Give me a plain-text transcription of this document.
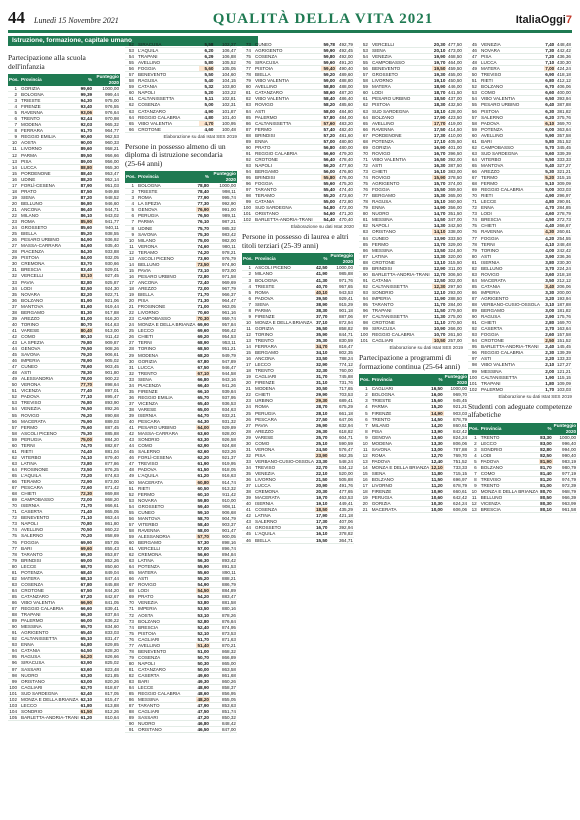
44	Lunedì 15 Novembre 2021	QUALITÀ DELLA VITA 2021	ItaliaOggi7
Istruzione, formazione, capitale umano
Partecipazione alla scuola dell'infanzia
Pos.	Provincia	%	Punteggio 2020
1	GORIZIA	99,60	1000,00
2	BOLOGNA	99,39	999,44
3	TRIESTE	94,30	975,00
4	FIRENZE	93,40	976,55
5	RAVENNA	93,06	976,64
6	TRENTO	92,44	970,98
7	MODENA	92,03	965,32
8	FERRARA	91,70	964,77
9	REGGIO EMILIA	90,60	962,53
10	AOSTA	90,00	960,33
11	LIVORNO	89,60	958,21
12	PARMA	89,50	956,66
13	PISA	89,00	956,00
14	LUCCA	88,80	955,30
15	PORDENONE	88,40	953,47
16	UDINE	88,20	952,14
17	FORLÌ-CESENA	87,90	951,03
18	PRATO	87,50	949,88
19	SIENA	87,20	948,52
20	BELLUNO	86,80	946,60
21	ANCONA	86,40	944,71
22	MILANO	86,10	943,02
23	ROMA	85,90	941,77
24	GROSSETO	85,60	940,11
25	BIELLA	85,20	938,55
26	PESARO URBINO	84,90	936,92
27	MASSA-CARRARA	84,60	935,40
28	PIACENZA	84,30	933,88
29	PISTOIA	84,00	932,05
30	CREMONA	83,70	930,66
31	BRESCIA	83,40	929,01
32	VERCELLI	83,10	927,45
33	PAVIA	82,80	925,87
34	LODI	82,50	924,30
35	NOVARA	82,20	922,71
36	BOLZANO	81,90	921,06
37	MANTOVA	81,60	919,44
38	BERGAMO	81,30	917,88
39	AREZZO	81,00	916,20
40	TORINO	80,70	914,63
41	VARESE	80,40	913,00
42	COMO	80,10	911,42
43	LA SPEZIA	79,80	909,87
44	GENOVA	79,50	908,26
45	SAVONA	79,20	906,61
46	IMPERIA	78,90	905,02
47	CUNEO	78,60	903,45
48	ASTI	78,30	901,80
49	ALESSANDRIA	78,00	900,22
50	VERONA	77,70	898,64
51	VICENZA	77,40	897,01
52	PADOVA	77,10	895,47
53	TREVISO	76,80	893,90
54	VENEZIA	76,50	892,26
55	ROVIGO	76,20	890,68
56	MACERATA	75,90	889,03
57	FERMO	75,60	887,45
58	ASCOLI PICENO	75,30	885,88
59	PERUGIA	75,00	884,20
60	TERNI	74,70	882,67
61	RIETI	74,40	881,04
62	VITERBO	74,10	879,40
63	LATINA	73,80	877,86
64	FROSINONE	73,50	876,25
65	L'AQUILA	73,20	874,63
66	TERAMO	72,90	873,00
67	PESCARA	72,60	871,42
68	CHIETI	72,30	869,88
69	CAMPOBASSO	72,00	868,20
70	ISERNIA	71,70	866,61
71	CASERTA	71,40	865,05
72	BENEVENTO	71,10	863,44
73	NAPOLI	70,80	861,80
74	AVELLINO	70,50	860,22
75	SALERNO	70,20	858,69
76	FOGGIA	69,90	857,05
77	BARI	69,60	855,43
78	TARANTO	69,30	853,87
79	BRINDISI	69,00	852,26
80	LECCE	68,70	850,60
81	POTENZA	68,40	849,04
82	MATERA	68,10	847,44
83	COSENZA	67,80	845,88
84	CROTONE	67,50	844,20
85	CATANZARO	67,20	842,67
86	VIBO VALENTIA	66,90	841,05
87	REGGIO CALABRIA	66,60	839,41
88	TRAPANI	66,30	837,84
89	PALERMO	66,00	836,22
90	MESSINA	65,70	834,60
91	AGRIGENTO	65,40	833,03
92	CALTANISSETTA	65,10	831,47
93	ENNA	64,80	829,85
94	CATANIA	64,50	828,20
95	RAGUSA	64,20	826,66
96	SIRACUSA	63,90	825,02
97	SASSARI	63,60	823,48
98	NUORO	63,30	821,85
99	ORISTANO	63,00	820,26
100	CAGLIARI	62,70	818,67
101	SUD SARDEGNA	62,40	817,05
102	MONZA E DELLA BRIANZA	62,10	815,47
103	LECCO	61,80	813,88
104	SONDRIO	61,50	812,26
105	BARLETTA-ANDRIA-TRANI	61,20	810,64
52	SIRACUSA	5,58	102,27
53	L'AQUILA	6,20	106,47
54	TRAPANI	6,29	106,88
55	AVELLINO	5,80	105,52
56	FOGGIA	5,60	105,05
57	BENEVENTO	5,50	104,60
58	RAGUSA	5,40	104,15
59	CATANIA	5,32	103,80
60	NAPOLI	5,20	103,22
61	CALTANISSETTA	5,11	102,81
62	COSENZA	5,00	102,31
63	CATANZARO	4,90	101,87
64	REGGIO CALABRIA	4,80	101,40
65	VIBO VALENTIA	4,70	100,95
66	CROTONE	4,60	100,48
Elaborazione su dati Istat SES 2019
Persone in possesso almeno di un diploma di istruzione secondaria (25-64 anni)
Pos.	Provincia	%	Punteggio 2020
1	BOLOGNA	78,80	1000,00
2	TRIESTE	78,40	998,11
3	ROMA	77,90	995,74
4	LA SPEZIA	77,30	992,90
5	GENOVA	76,90	991,00
6	PERUGIA	76,50	989,11
7	PARMA	76,10	987,21
8	UDINE	75,70	985,32
9	SAVONA	75,30	983,42
10	MILANO	75,00	982,00
11	VERONA	74,60	980,11
12	TERAMO	74,20	978,21
13	ASCOLI PICENO	73,90	976,79
14	BELLUNO	73,50	974,90
15	PAVIA	73,10	973,00
16	PESARO URBINO	72,80	971,58
17	ANCONA	72,40	969,69
18	AREZZO	72,00	967,79
19	BIELLA	71,70	966,37
20	PISA	71,30	964,47
21	FROSINONE	71,00	963,05
22	LIVORNO	70,60	961,16
23	CAMPOBASSO	70,30	959,74
24	MONZA E DELLA BRIANZA	69,90	957,84
25	LECCO	69,60	956,42
26	CHIETI	69,20	954,53
27	TERNI	68,90	953,11
28	TORINO	68,50	951,21
29	MODENA	68,20	949,79
30	GORIZIA	67,80	947,89
31	LUCCA	67,50	946,47
32	TRENTO	67,10	944,58
33	SIENA	66,80	943,16
34	PIACENZA	66,40	941,26
35	FIRENZE	66,10	939,84
36	REGGIO EMILIA	65,70	937,95
37	VICENZA	65,40	936,53
38	VARESE	65,00	934,63
39	ISERNIA	64,70	933,21
40	PESCARA	64,30	931,32
41	PESARO URBINO	64,00	929,89
42	MASSA-CARRARA	63,60	928,00
43	SONDRIO	63,30	926,58
44	COMO	62,90	924,68
45	SALERNO	62,60	923,26
46	FORLÌ-CESENA	62,20	921,37
47	TREVISO	61,90	919,95
48	PADOVA	61,50	918,05
49	L'AQUILA	61,20	916,63
50	MACERATA	60,80	914,74
51	RIETI	60,50	913,32
52	FERMO	60,10	911,42
53	NOVARA	59,80	910,00
54	GROSSETO	59,40	908,11
55	CUNEO	59,10	906,68
56	MANTOVA	58,70	904,79
57	VITERBO	58,40	903,37
58	RAVENNA	58,00	901,47
59	ALESSANDRIA	57,70	900,05
60	BERGAMO	57,30	898,16
61	VERCELLI	57,00	896,74
62	CREMONA	56,60	894,84
63	LATINA	56,30	893,42
64	POTENZA	55,90	891,53
65	MATERA	55,60	890,11
66	ASTI	55,20	888,21
67	ROVIGO	54,90	886,79
68	LODI	54,50	884,89
69	PRATO	54,20	883,47
70	VENEZIA	53,80	881,58
71	IMPERIA	53,50	880,16
72	AOSTA	53,10	878,26
73	BOLZANO	52,80	876,84
74	BRESCIA	52,40	874,95
75	PISTOIA	52,10	873,53
76	CAGLIARI	51,70	871,63
77	AVELLINO	51,40	870,21
78	BENEVENTO	51,00	868,32
79	COSENZA	50,70	866,89
80	NAPOLI	50,30	865,00
81	CATANZARO	50,00	863,58
82	CASERTA	49,60	861,68
83	BARI	49,30	860,26
84	LECCE	48,90	858,37
85	REGGIO CALABRIA	48,60	856,95
86	MESSINA	48,20	855,05
87	TARANTO	47,90	853,63
88	CAGLIARI	47,50	851,74
89	SASSARI	47,20	850,32
90	NUORO	46,80	848,42
91	ORISTANO	46,50	847,00
73	CUNEO	59,78	492,79
74	AGRIGENTO	59,90	492,45
75	COSENZA	59,80	492,00
76	SIRACUSA	59,60	491,20
77	PISTOIA	59,40	490,40
78	BIELLA	59,20	489,60
79	VIBO VALENTIA	59,00	488,80
80	AVELLINO	58,80	488,00
81	CATANZARO	58,60	487,20
82	VIBO VALENTIA	58,40	486,40
83	ROVIGO	58,20	485,60
84	ASTI	58,00	484,80
85	PALERMO	57,80	484,00
86	CALTANISSETTA	57,60	483,20
87	FERMO	57,40	482,40
88	BRINDISI	57,20	481,60
89	ENNA	57,00	480,80
90	PRATO	56,80	480,00
91	REGGIO CALABRIA	56,60	479,20
92	CROTONE	56,40	478,40
93	NAPOLI	56,20	477,60
94	BERGAMO	56,00	476,80
95	BRINDISI	55,80	476,00
96	FOGGIA	55,60	475,20
97	TARANTO	55,40	474,40
98	TERAMO	55,20	473,60
99	CATANIA	55,00	472,80
100	SUD SARDEGNA	54,80	472,00
101	ORISTANO	54,60	471,20
102	BARLETTA-ANDRIA-TRANI	54,40	470,40
Elaborazione su dati Istat 2020
Persone in possesso di laurea e altri titoli terziari (25-39 anni)
Pos.	Provincia	%	Punteggio 2020
1	ASCOLI PICENO	42,50	1000,00
2	MILANO	41,90	985,88
3	BOLOGNA	41,30	971,76
4	TRIESTE	40,70	957,65
5	ROMA	40,10	943,53
6	PADOVA	39,50	929,41
7	SIENA	38,90	915,29
8	PARMA	38,30	901,18
9	FIRENZE	37,70	887,06
10	MONZA E DELLA BRIANZA	37,10	872,94
11	GORIZIA	36,50	858,82
12	TORINO	35,90	844,71
13	TRENTO	35,30	830,59
14	FERRARA	34,70	816,47
15	BERGAMO	34,10	802,35
16	ANCONA	33,50	788,24
17	LECCO	32,90	774,12
18	TRENTO	32,30	760,00
19	CAGLIARI	31,70	745,88
20	FIRENZE	31,10	731,76
21	MODENA	30,50	717,65
22	CHIETI	29,90	703,53
23	URBINO	29,30	689,41
24	ROMA	28,70	675,29
25	PERUGIA	28,10	661,18
26	PESCARA	27,50	647,06
27	PAVIA	26,90	632,94
28	AREZZO	26,30	618,82
29	VARESE	25,70	604,71
30	COMO	25,10	590,59
31	VERONA	24,50	576,47
32	PISA	23,90	562,35
33	VERBANO-CUSIO-OSSOLA	23,30	548,24
34	TREVISO	22,70	534,12
35	VENEZIA	22,10	520,00
36	LIVORNO	21,50	505,88
37	LUCCA	20,90	491,76
38	CREMONA	20,30	477,65
39	MACERATA	19,70	463,53
40	ISERNIA	19,10	449,41
41	COSENZA	18,50	435,29
42	LATINA	17,90	421,18
43	SALERNO	17,30	407,06
44	GROSSETO	16,70	392,94
45	L'AQUILA	16,10	378,82
46	BIELLA	15,50	364,71
52	VERCELLI	20,30	477,50
53	SIENA	20,10	473,00
54	VENEZIA	19,90	468,50
55	CAMPOBASSO	19,70	464,00
56	BENEVENTO	19,50	459,50
57	GROSSETO	19,30	455,00
58	LIVORNO	19,10	450,50
59	MATERA	18,90	446,00
60	LODI	18,70	441,50
61	PESARO URBINO	18,50	437,00
62	PISTOIA	18,30	432,50
63	SUD SARDEGNA	18,10	428,00
64	BOLZANO	17,90	423,50
65	AVELLINO	17,70	419,00
66	RAVENNA	17,50	414,50
67	PORDENONE	17,30	410,00
68	POTENZA	17,10	405,50
69	GORIZIA	16,90	401,00
70	ROVIGO	16,70	396,50
71	VIBO VALENTIA	16,50	392,00
72	ASTI	16,30	387,50
73	CHIETI	16,10	383,00
74	ROVIGO	15,90	378,50
75	AGRIGENTO	15,70	374,00
76	FOGGIA	15,50	369,50
77	BERGAMO	15,30	365,00
78	RAGUSA	15,10	360,50
79	ENNA	14,90	356,00
80	NUORO	14,70	351,50
81	MESSINA	14,50	347,00
82	NAPOLI	14,30	342,50
83	ORISTANO	14,10	338,00
84	CUNEO	13,90	333,50
85	FERMO	13,70	329,00
86	MESSINA	13,50	324,50
87	LATINA	13,30	320,00
88	CROTONE	13,10	315,50
89	BRINDISI	12,90	311,00
90	BARLETTA-ANDRIA-TRANI	12,70	306,50
91	CATANIA	12,50	302,00
92	CALTANISSETTA	12,30	297,50
93	SONDRIO	12,10	293,00
94	IMPERIA	11,90	288,50
95	TARANTO	11,70	284,00
96	TRAPANI	11,50	279,50
97	CALTANISSETTA	11,30	275,00
98	CROTONE	11,10	270,50
99	SIRACUSA	10,90	266,00
100	REGGIO CALABRIA	10,70	261,50
101	CAGLIARI	10,50	257,00
Elaborazione su dati Istat SES 2019
Partecipazione a programmi di formazione continua (25-64 anni)
Pos.	Provincia	%	Punteggio 2020
1	CAGLIARI	16,50	1000,00
2	BOLOGNA	16,00	969,70
3	TRIESTE	15,60	945,45
4	PARMA	15,20	921,21
5	FIRENZE	14,90	903,03
6	TRENTO	14,50	878,79
7	MILANO	14,20	860,61
8	PISA	13,90	842,42
9	GENOVA	13,60	824,24
10	MODENA	13,30	806,06
11	SAVONA	13,00	787,88
12	ROMA	12,70	769,70
13	PADOVA	12,40	751,52
14	MONZA E DELLA BRIANZA	12,10	733,33
15	SIENA	11,80	715,15
16	BOLZANO	11,50	696,97
17	LIVORNO	11,20	678,79
18	FIRENZE	10,90	660,61
19	PERUGIA	10,60	642,42
20	GORIZIA	10,30	624,24
21	MACERATA	10,00	606,06
45	VENEZIA	7,40	448,48
46	NOVARA	7,30	442,42
47	PISA	7,20	436,36
48	LUCCA	7,10	430,30
49	MATERA	7,00	424,24
50	TREVISO	6,90	418,18
51	RIETI	6,80	412,12
52	BOLZANO	6,70	406,06
53	COMO	6,60	400,00
54	VIBO VALENTIA	6,50	393,94
55	PESARO URBINO	6,40	387,88
56	PISTOIA	6,30	381,82
57	SALERNO	6,20	375,76
58	PADOVA	6,10	369,70
59	POTENZA	6,00	363,64
60	AVELLINO	5,90	357,58
61	BARI	5,80	351,52
62	CAMPOBASSO	5,70	345,45
63	SUD SARDEGNA	5,60	339,39
64	VITERBO	5,50	333,33
65	MANTOVA	5,40	327,27
66	AREZZO	5,30	321,21
67	TERMO	5,20	315,15
68	FERMO	5,10	309,09
69	REGGIO CALABRIA	5,00	303,03
70	RIETI	4,90	296,97
71	LECCE	4,80	290,91
72	ENNA	4,70	284,85
73	LODI	4,60	278,79
74	BRESCIA	4,50	272,73
75	CHIETI	4,40	266,67
76	RAVENNA	4,30	260,61
77	FOGGIA	4,20	254,55
78	TERNI	4,10	248,48
79	TORINO	4,00	242,42
80	ASTI	3,90	236,36
81	ISERNIA	3,80	230,30
82	BELLUNO	3,70	224,24
83	ROVIGO	3,60	218,18
84	MACERATA	3,50	212,12
85	CATANIA	3,40	206,06
86	IMPERIA	3,30	200,00
87	AGRIGENTO	3,20	193,94
88	VERBANO-CUSIO-OSSOLA	3,10	187,88
89	BERGAMO	3,00	181,82
90	RAGUSA	2,90	175,76
91	CHIETI	2,80	169,70
92	CASERTA	2,70	163,64
93	FOGGIA	2,60	157,58
94	CROTONE	2,50	151,52
95	BARLETTA-ANDRIA-TRANI	2,40	145,45
96	REGGIO CALABRIA	2,30	139,39
97	ASTI	2,20	133,33
98	VIBO VALENTIA	2,10	127,27
99	MESSINA	2,00	121,21
100	CALTANISSETTA	1,90	115,15
101	TRAPANI	1,80	109,09
102	PALERMO	1,70	103,03
Elaborazione su dati Istat SES 2019
Studenti con adeguate competenze alfabetiche
Pos.	Provincia	%	Punteggio 2020
1	TRENTO	83,30	1000,00
2	LECCO	83,00	996,40
3	SONDRIO	82,80	994,00
4	LODI	82,50	990,40
5	PADOVA	81,90	983,19
6	BOLZANO	81,70	980,79
7	COMO	81,40	977,19
8	TREVISO	81,20	974,79
9	TRENTO	81,00	972,39
10	MONZA E DELLA BRIANZA	80,70	968,79
11	BELLUNO	80,50	966,39
12	VICENZA	80,30	963,99
13	BRESCIA	80,10	961,58
